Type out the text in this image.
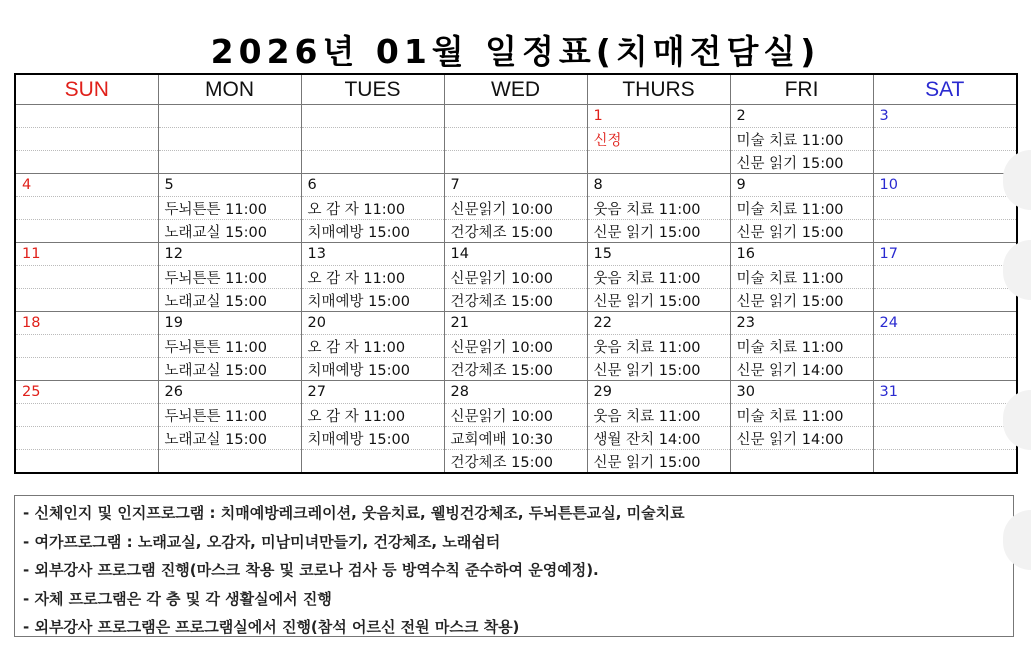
2026년 01월 일정표(치매전담실)
SUN	MON	TUES	WED	THURS	FRI	SAT
				1	2	3
				신정	미술 치료 11:00	
					신문 읽기 15:00	
4	5	6	7	8	9	10
	두뇌튼튼 11:00	오 감 자 11:00	신문읽기 10:00	웃음 치료 11:00	미술 치료 11:00	
	노래교실 15:00	치매예방 15:00	건강체조 15:00	신문 읽기 15:00	신문 읽기 15:00	
11	12	13	14	15	16	17
	두뇌튼튼 11:00	오 감 자 11:00	신문읽기 10:00	웃음 치료 11:00	미술 치료 11:00	
	노래교실 15:00	치매예방 15:00	건강체조 15:00	신문 읽기 15:00	신문 읽기 15:00	
18	19	20	21	22	23	24
	두뇌튼튼 11:00	오 감 자 11:00	신문읽기 10:00	웃음 치료 11:00	미술 치료 11:00	
	노래교실 15:00	치매예방 15:00	건강체조 15:00	신문 읽기 15:00	신문 읽기 14:00	
25	26	27	28	29	30	31
	두뇌튼튼 11:00	오 감 자 11:00	신문읽기 10:00	웃음 치료 11:00	미술 치료 11:00	
	노래교실 15:00	치매예방 15:00	교회예배 10:30	생월 잔치 14:00	신문 읽기 14:00	
			건강체조 15:00	신문 읽기 15:00		
- 신체인지 및 인지프로그램 : 치매예방레크레이션, 웃음치료, 웰빙건강체조, 두뇌튼튼교실, 미술치료
- 여가프로그램 : 노래교실, 오감자, 미남미녀만들기, 건강체조, 노래쉼터
- 외부강사 프로그램 진행(마스크 착용 및 코로나 검사 등 방역수칙 준수하여 운영예정).
- 자체 프로그램은 각 층 및 각 생활실에서 진행
- 외부강사 프로그램은 프로그램실에서 진행(참석 어르신 전원 마스크 착용)
